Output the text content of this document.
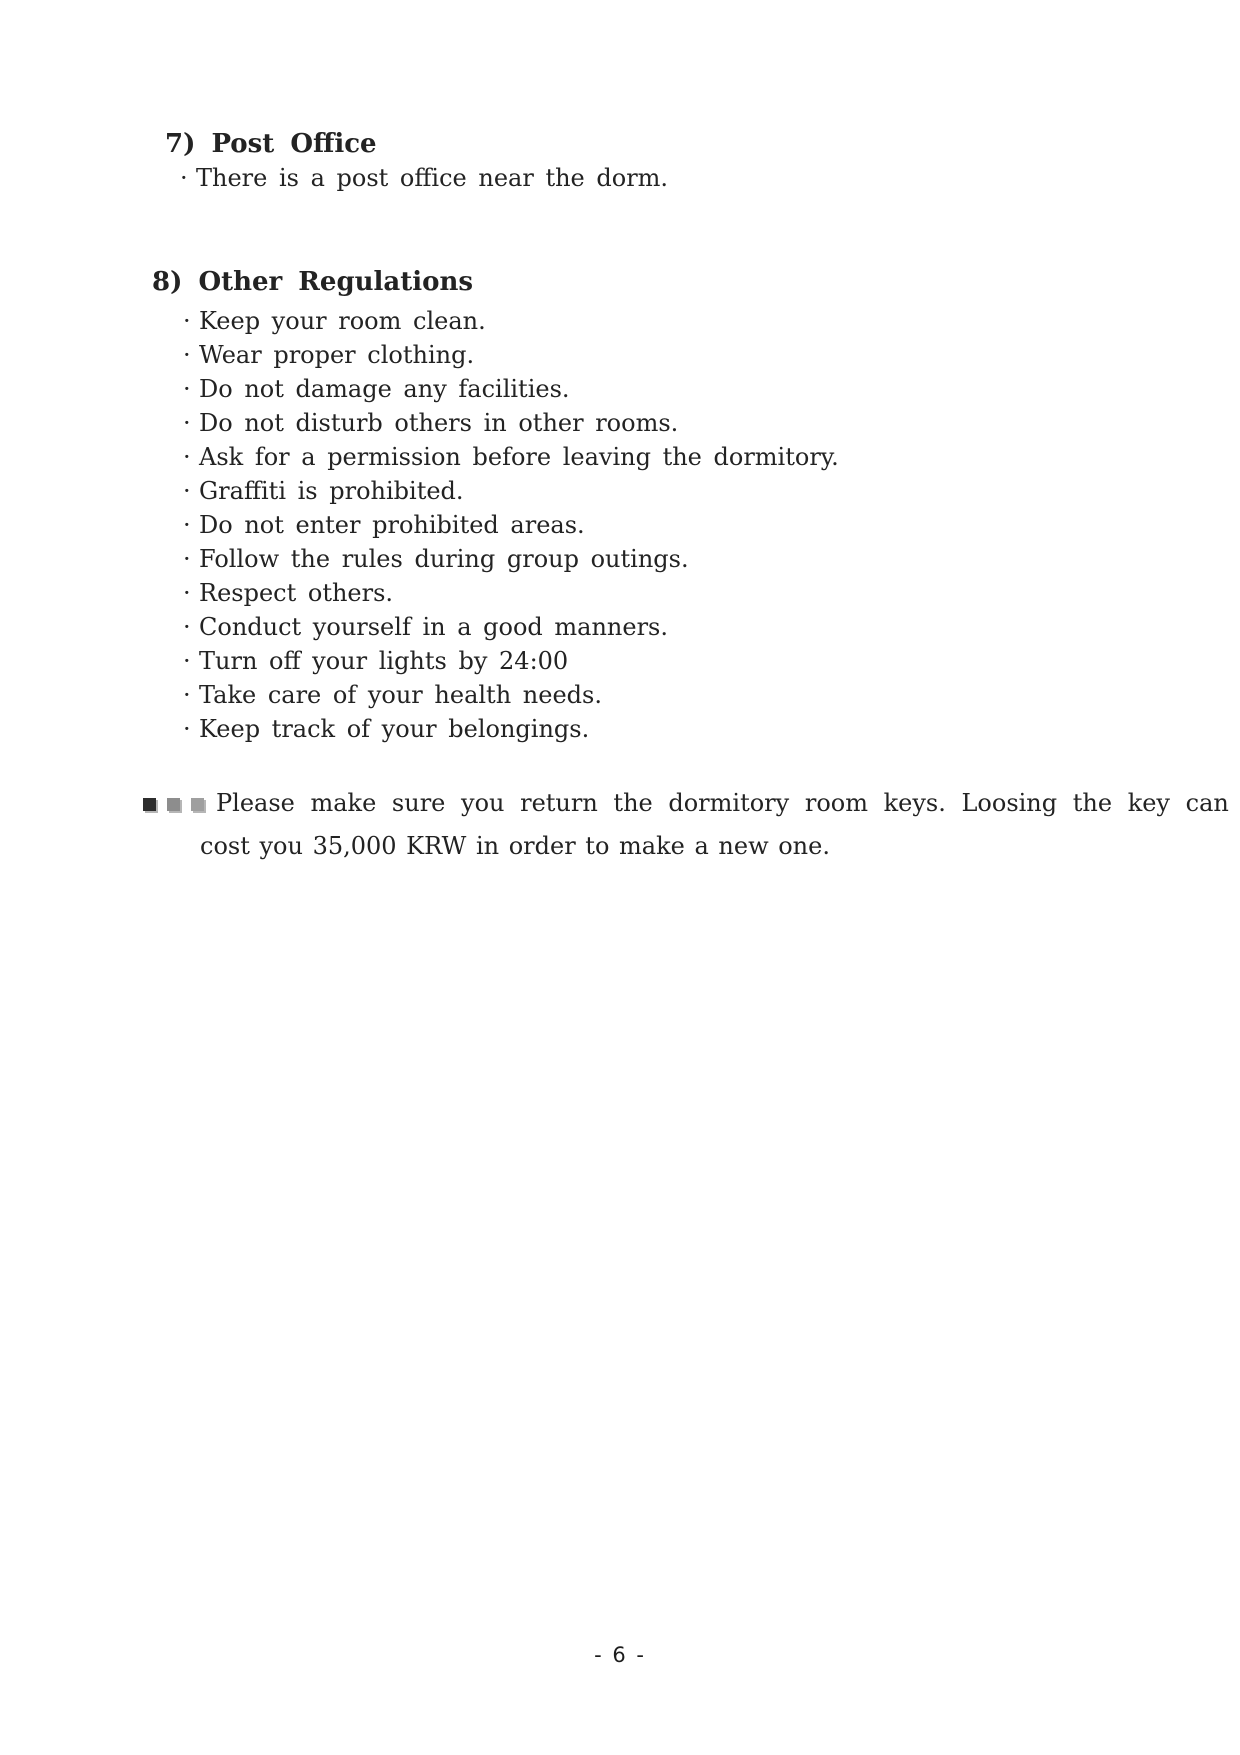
7) Post Office
· There is a post office near the dorm.
8) Other Regulations
· Keep your room clean.
· Wear proper clothing.
· Do not damage any facilities.
· Do not disturb others in other rooms.
· Ask for a permission before leaving the dormitory.
· Graffiti is prohibited.
· Do not enter prohibited areas.
· Follow the rules during group outings.
· Respect others.
· Conduct yourself in a good manners.
· Turn off your lights by 24:00
· Take care of your health needs.
· Keep track of your belongings.

Please make sure you return the dormitory room keys. Loosing the key can
cost you 35,000 KRW in order to make a new one.
- 6 -
